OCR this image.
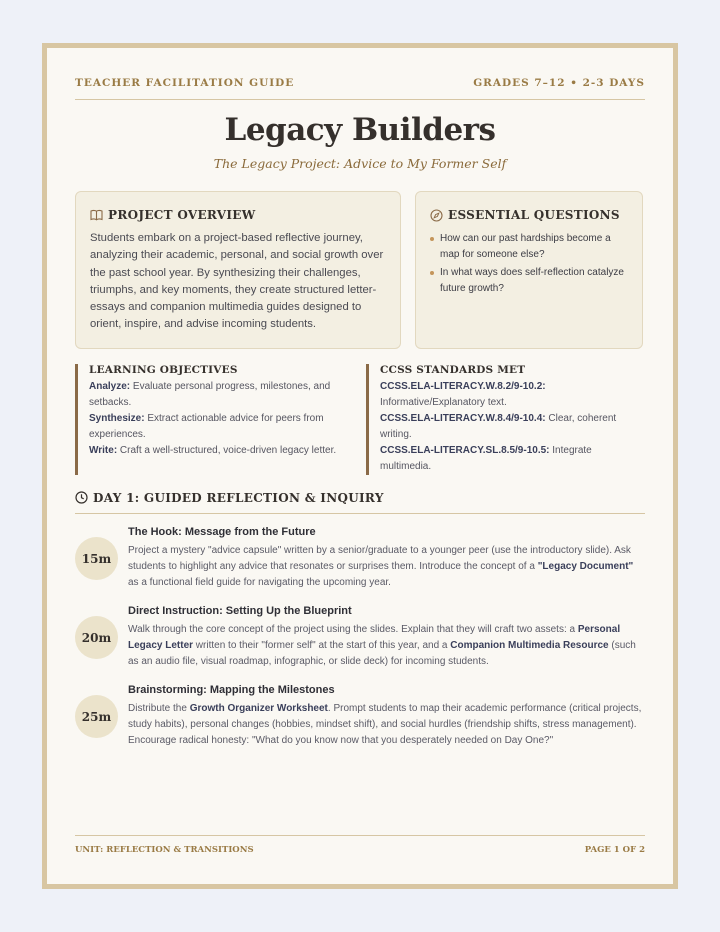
TEACHER FACILITATION GUIDE	GRADES 7–12 • 2-3 DAYS
Legacy Builders
The Legacy Project: Advice to My Former Self
PROJECT OVERVIEW
Students embark on a project-based reflective journey, analyzing their academic, personal, and social growth over the past school year. By synthesizing their challenges, triumphs, and key moments, they create structured letter-essays and companion multimedia guides designed to orient, inspire, and advise incoming students.
ESSENTIAL QUESTIONS
How can our past hardships become a map for someone else?
In what ways does self-reflection catalyze future growth?
LEARNING OBJECTIVES
Analyze: Evaluate personal progress, milestones, and setbacks.
Synthesize: Extract actionable advice for peers from experiences.
Write: Craft a well-structured, voice-driven legacy letter.
CCSS STANDARDS MET
CCSS.ELA-LITERACY.W.8.2/9-10.2: Informative/Explanatory text.
CCSS.ELA-LITERACY.W.8.4/9-10.4: Clear, coherent writing.
CCSS.ELA-LITERACY.SL.8.5/9-10.5: Integrate multimedia.
DAY 1: GUIDED REFLECTION & INQUIRY
15m
The Hook: Message from the Future
Project a mystery "advice capsule" written by a senior/graduate to a younger peer (use the introductory slide). Ask students to highlight any advice that resonates or surprises them. Introduce the concept of a "Legacy Document" as a functional field guide for navigating the upcoming year.
20m
Direct Instruction: Setting Up the Blueprint
Walk through the core concept of the project using the slides. Explain that they will craft two assets: a Personal Legacy Letter written to their "former self" at the start of this year, and a Companion Multimedia Resource (such as an audio file, visual roadmap, infographic, or slide deck) for incoming students.
25m
Brainstorming: Mapping the Milestones
Distribute the Growth Organizer Worksheet. Prompt students to map their academic performance (critical projects, study habits), personal changes (hobbies, mindset shift), and social hurdles (friendship shifts, stress management). Encourage radical honesty: "What do you know now that you desperately needed on Day One?"
UNIT: REFLECTION & TRANSITIONS	PAGE 1 OF 2
